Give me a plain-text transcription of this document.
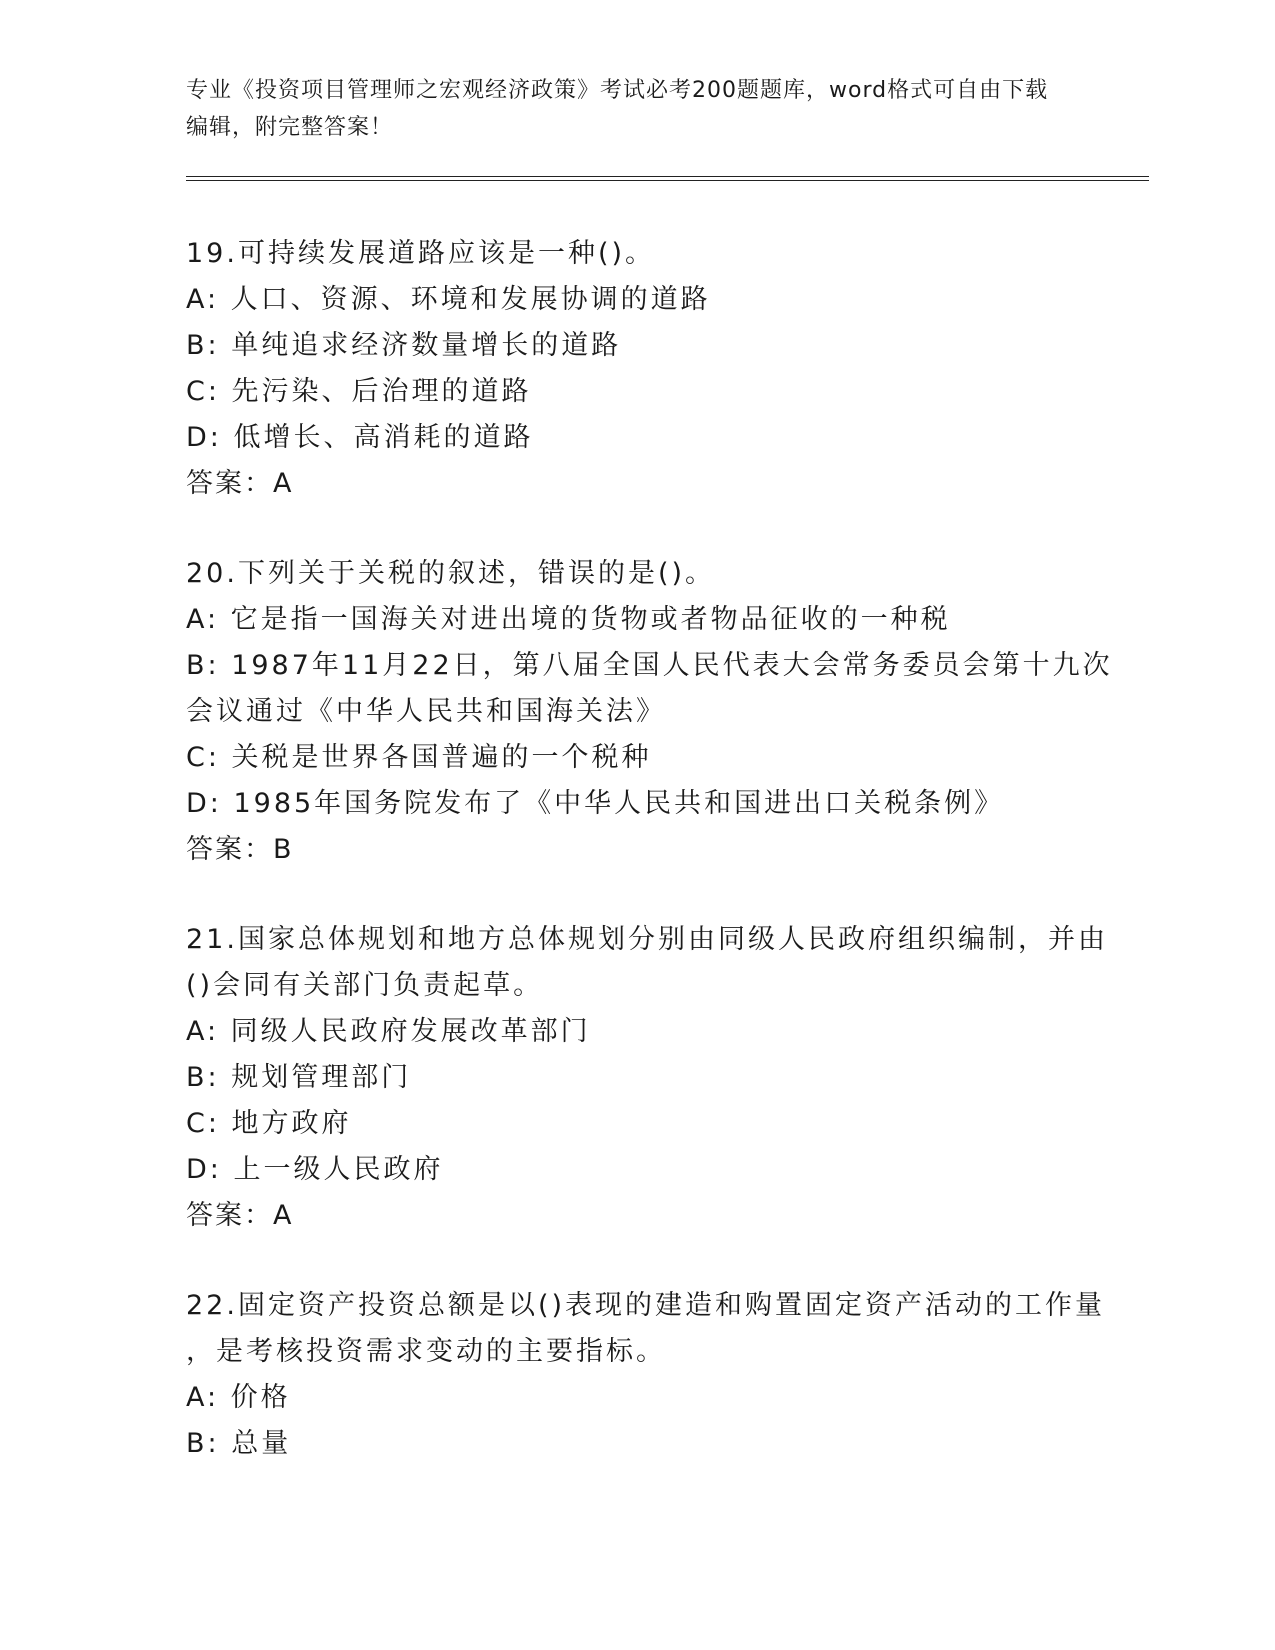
专业《投资项目管理师之宏观经济政策》考试必考200题题库，word格式可自由下载编辑，附完整答案！
19.可持续发展道路应该是一种()。
A: 人口、资源、环境和发展协调的道路
B: 单纯追求经济数量增长的道路
C: 先污染、后治理的道路
D: 低增长、高消耗的道路
答案：A
20.下列关于关税的叙述，错误的是()。
A: 它是指一国海关对进出境的货物或者物品征收的一种税
B: 1987年11月22日，第八届全国人民代表大会常务委员会第十九次
会议通过《中华人民共和国海关法》
C: 关税是世界各国普遍的一个税种
D: 1985年国务院发布了《中华人民共和国进出口关税条例》
答案：B
21.国家总体规划和地方总体规划分别由同级人民政府组织编制，并由
()会同有关部门负责起草。
A: 同级人民政府发展改革部门
B: 规划管理部门
C: 地方政府
D: 上一级人民政府
答案：A
22.固定资产投资总额是以()表现的建造和购置固定资产活动的工作量
，是考核投资需求变动的主要指标。
A: 价格
B: 总量
